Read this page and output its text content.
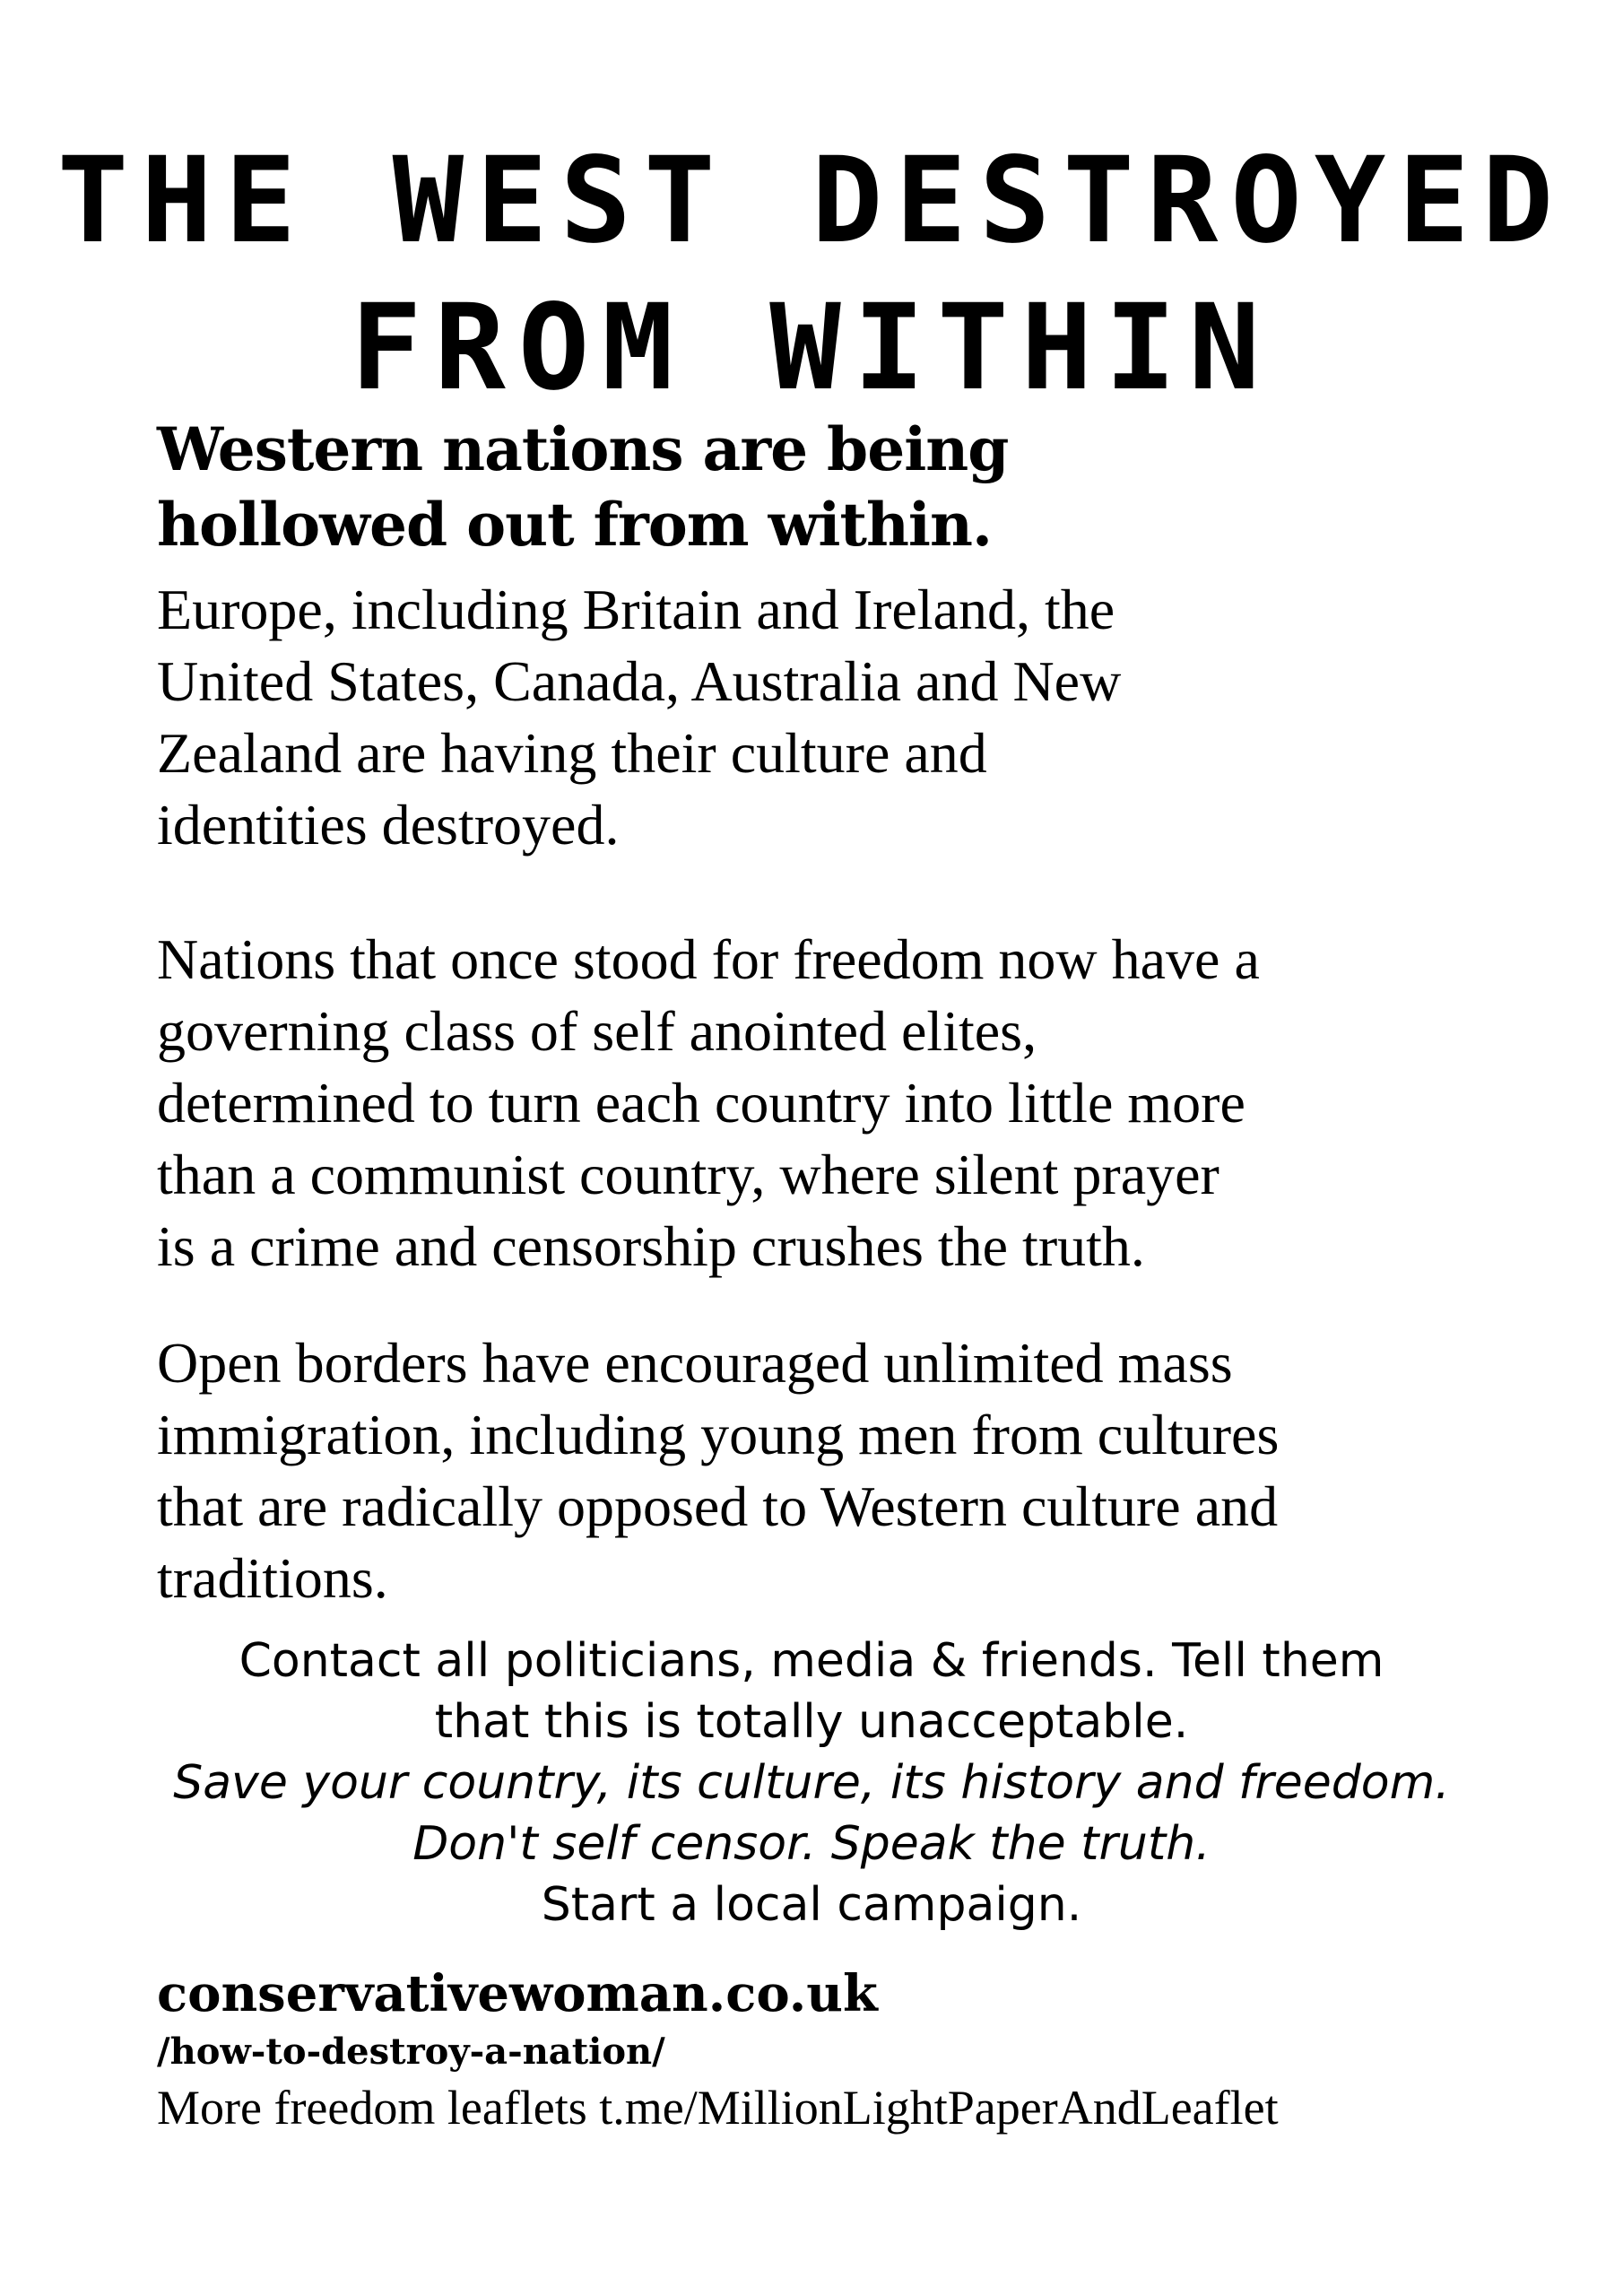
THE WEST DESTROYED
FROM WITHIN
Western nations are being
hollowed out from within.
Europe, including Britain and Ireland, the
United States, Canada, Australia and New
Zealand are having their culture and
identities destroyed.
Nations that once stood for freedom now have a
governing class of self anointed elites,
determined to turn each country into little more
than a communist country, where silent prayer
is a crime and censorship crushes the truth.
Open borders have encouraged unlimited mass
immigration, including young men from cultures
that are radically opposed to Western culture and
traditions.
Contact all politicians, media & friends. Tell them
that this is totally unacceptable.
Save your country, its culture, its history and freedom.
Don't self censor. Speak the truth.
Start a local campaign.
conservativewoman.co.uk
/how-to-destroy-a-nation/
More freedom leaflets t.me/MillionLightPaperAndLeaflet
